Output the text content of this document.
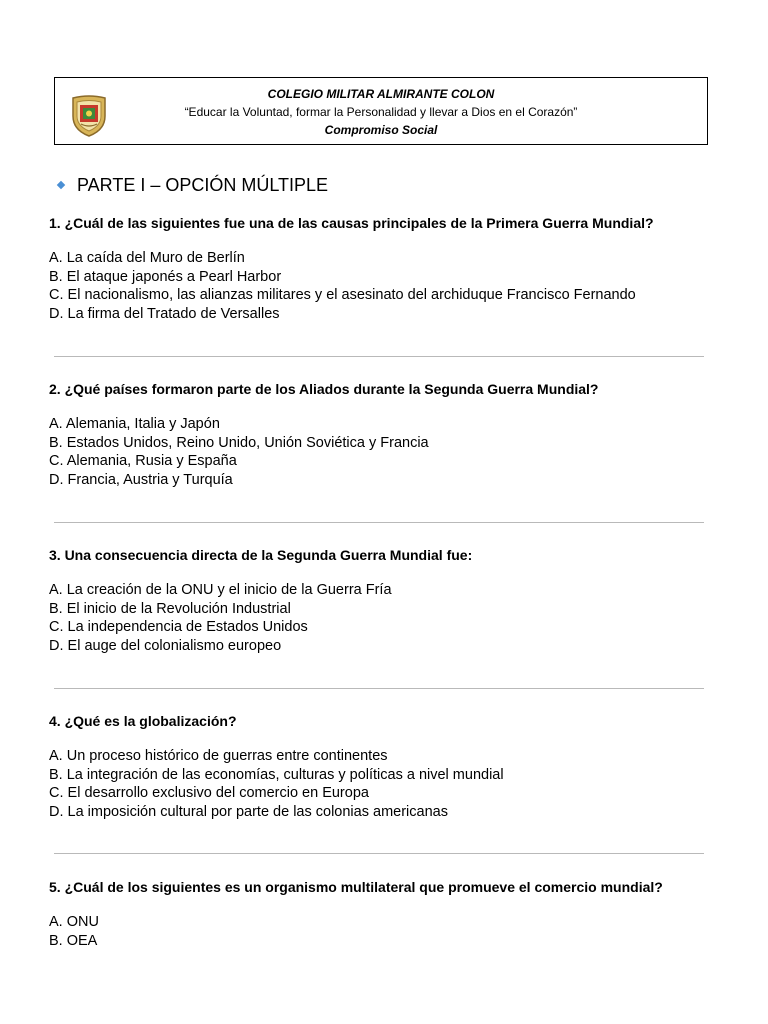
COLEGIO MILITAR ALMIRANTE COLON
“Educar la Voluntad, formar la Personalidad y llevar a Dios en el Corazón”
Compromiso Social
PARTE I – OPCIÓN MÚLTIPLE

1. ¿Cuál de las siguientes fue una de las causas principales de la Primera Guerra Mundial?

A. La caída del Muro de Berlín

B. El ataque japonés a Pearl Harbor

C. El nacionalismo, las alianzas militares y el asesinato del archiduque Francisco Fernando

D. La firma del Tratado de Versalles

2. ¿Qué países formaron parte de los Aliados durante la Segunda Guerra Mundial?

A. Alemania, Italia y Japón

B. Estados Unidos, Reino Unido, Unión Soviética y Francia

C. Alemania, Rusia y España

D. Francia, Austria y Turquía

3. Una consecuencia directa de la Segunda Guerra Mundial fue:

A. La creación de la ONU y el inicio de la Guerra Fría

B. El inicio de la Revolución Industrial

C. La independencia de Estados Unidos

D. El auge del colonialismo europeo

4. ¿Qué es la globalización?

A. Un proceso histórico de guerras entre continentes

B. La integración de las economías, culturas y políticas a nivel mundial

C. El desarrollo exclusivo del comercio en Europa

D. La imposición cultural por parte de las colonias americanas

5. ¿Cuál de los siguientes es un organismo multilateral que promueve el comercio mundial?

A. ONU

B. OEA
